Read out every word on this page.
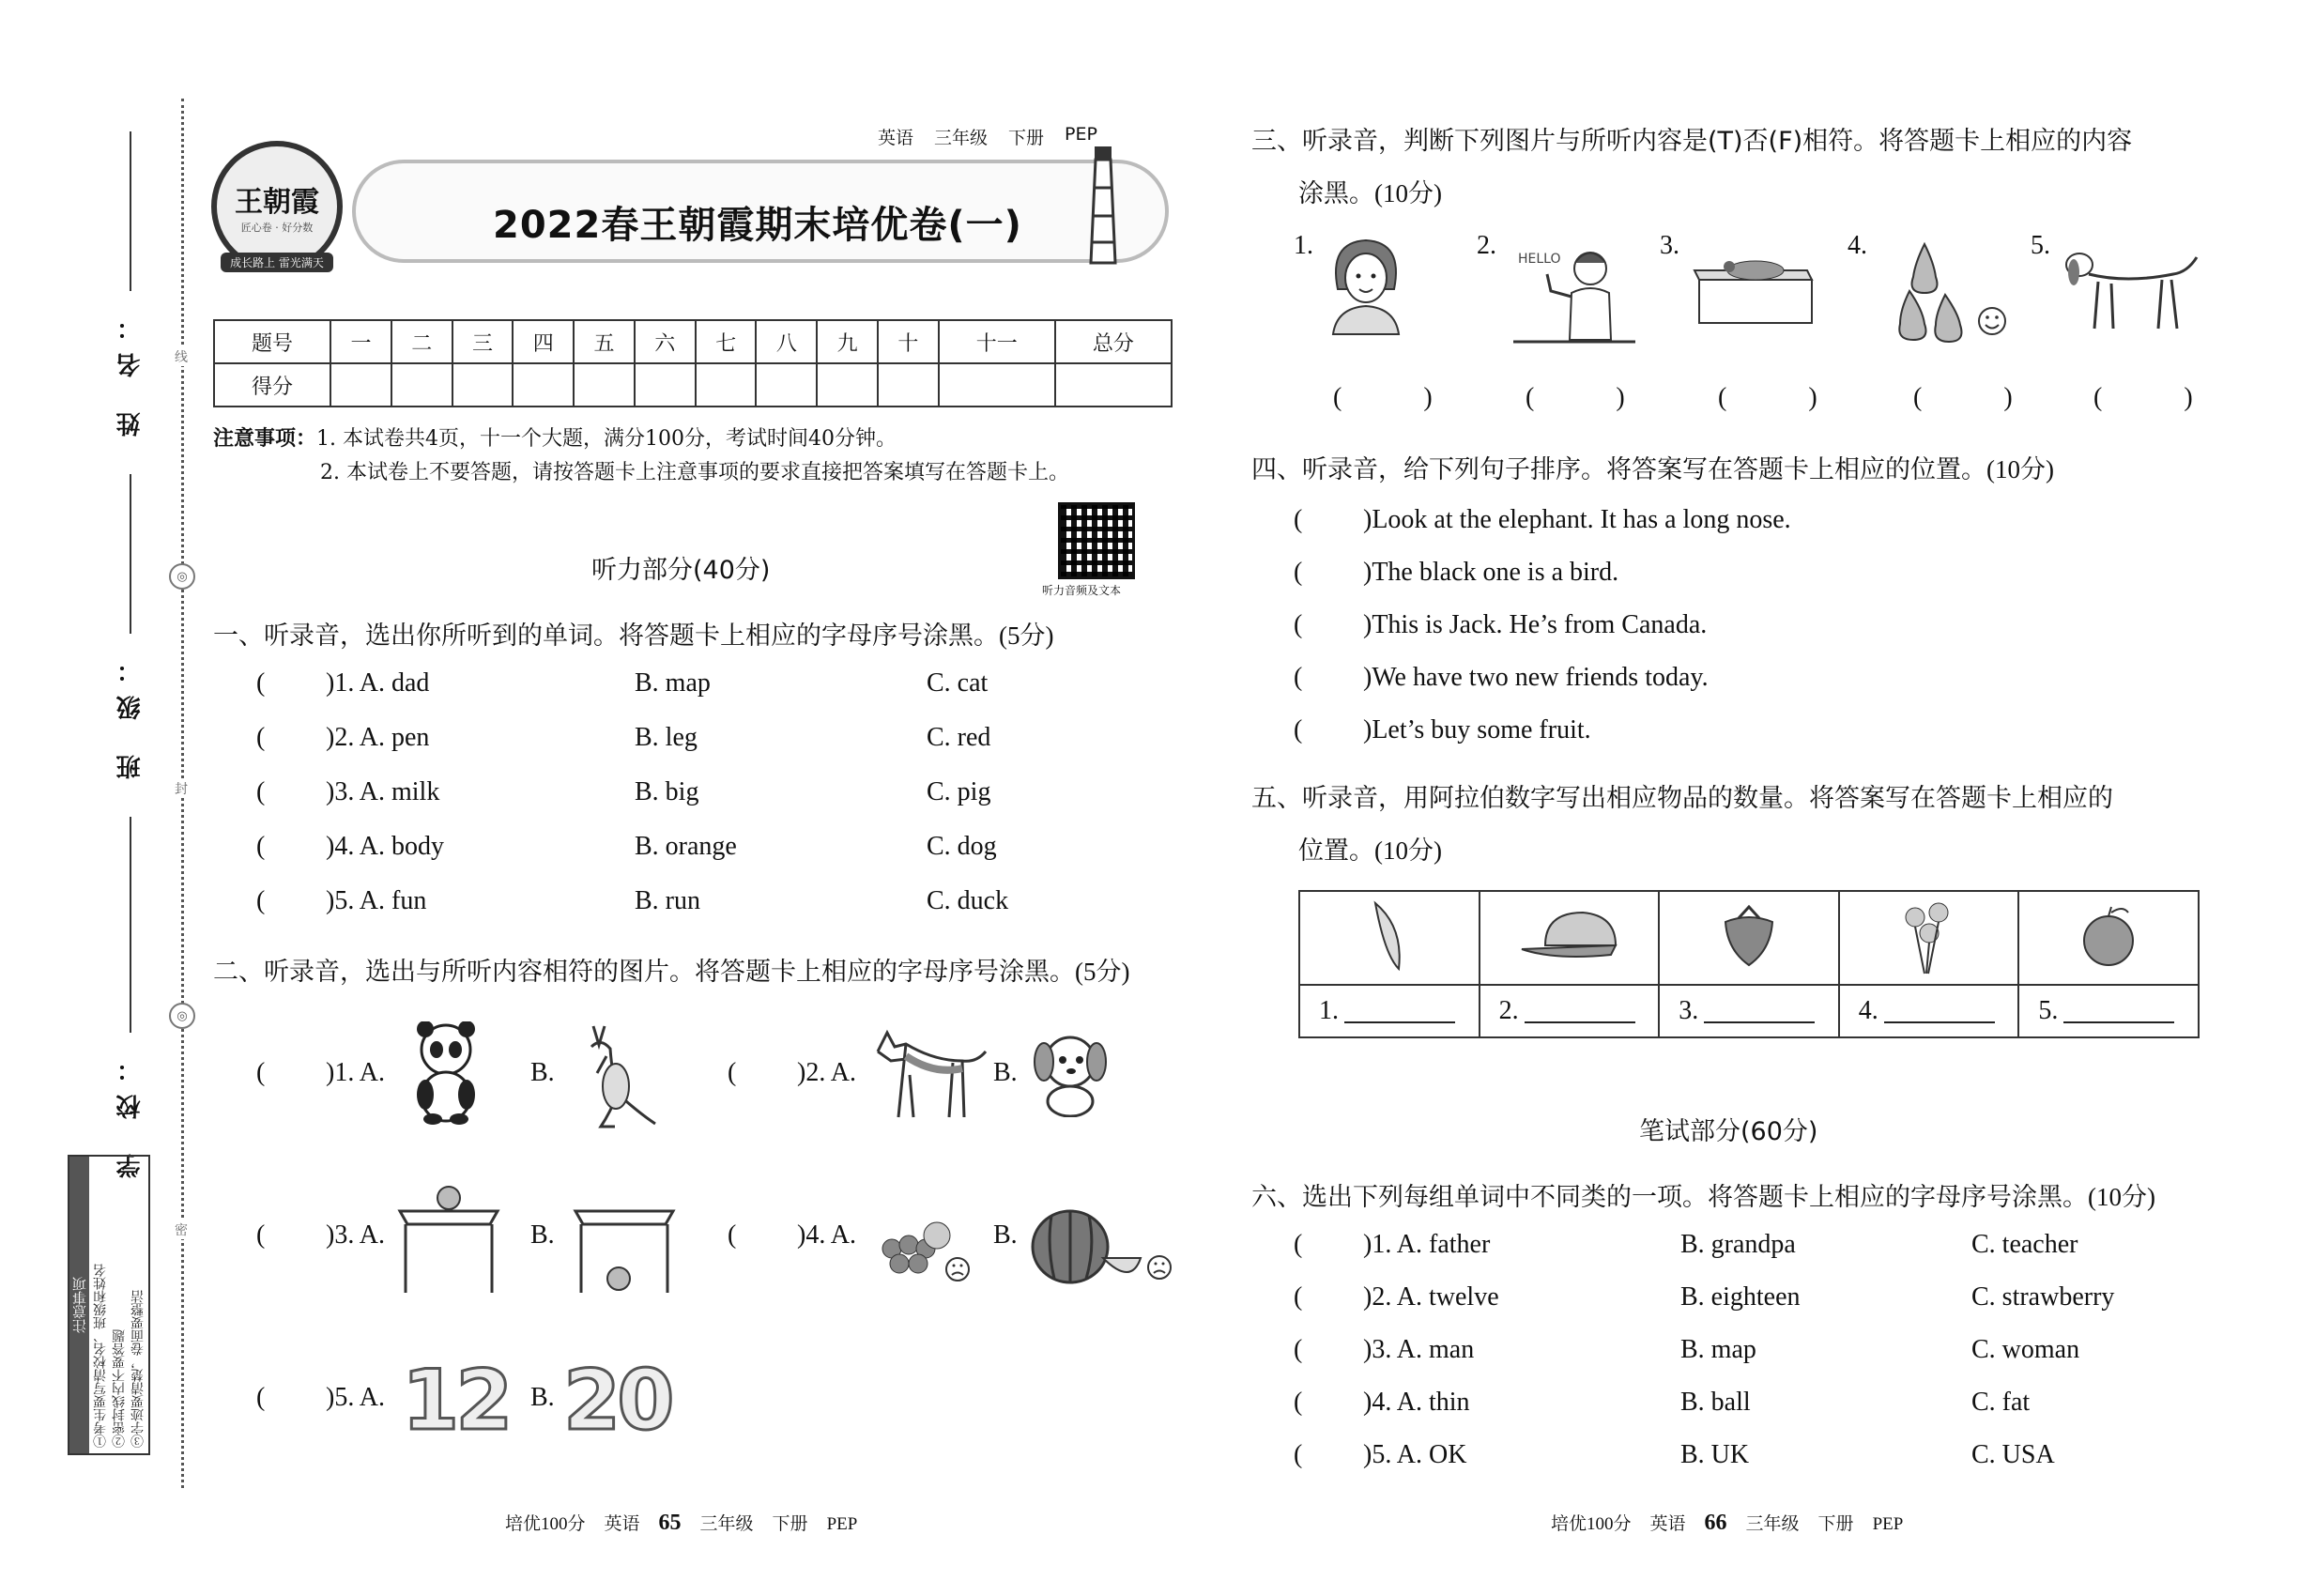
线
◎
封
◎
密
姓 名：
班 级：
学 校：
注意事项 ①考生要写清校名、班级和姓名 ②密封线内不要答题 ③字迹要清楚，卷面要整洁
王朝霞
匠心卷 · 好分数
成长路上 雷光满天
英语 三年级 下册 PEP
2022春王朝霞期末培优卷(一)
题号	一	二	三	四	五	六	七	八	九	十	十一	总分
得分												
注意事项：1. 本试卷共4页，十一个大题，满分100分，考试时间40分钟。
2. 本试卷上不要答题，请按答题卡上注意事项的要求直接把答案填写在答题卡上。
听力音频及文本
听力部分(40分)
一、听录音，选出你所听到的单词。将答题卡上相应的字母序号涂黑。(5分)
( )1. A. dad	B. map	C. cat
( )2. A. pen	B. leg	C. red
( )3. A. milk	B. big	C. pig
( )4. A. body	B. orange	C. dog
( )5. A. fun	B. run	C. duck
二、听录音，选出与所听内容相符的图片。将答题卡上相应的字母序号涂黑。(5分)
( )1. A.	B.	( )2. A.	B.
( )3. A.	B.	( )4. A.	B.
( )5. A. 12 B. 20
培优100分 英语 65 三年级 下册 PEP
三、听录音，判断下列图片与所听内容是(T)否(F)相符。将答题卡上相应的内容
涂黑。(10分)
1.
( )
2. HELLO
( )
3.
( )
4.
( )
5.
( )
四、听录音，给下列句子排序。将答案写在答题卡上相应的位置。(10分)
( )Look at the elephant. It has a long nose.
( )The black one is a bird.
( )This is Jack. He’s from Canada.
( )We have two new friends today.
( )Let’s buy some fruit.
五、听录音，用阿拉伯数字写出相应物品的数量。将答案写在答题卡上相应的
位置。(10分)

1.	2.	3.	4.	5.
笔试部分(60分)
六、选出下列每组单词中不同类的一项。将答题卡上相应的字母序号涂黑。(10分)
( )1. A. father	B. grandpa	C. teacher
( )2. A. twelve	B. eighteen	C. strawberry
( )3. A. man	B. map	C. woman
( )4. A. thin	B. ball	C. fat
( )5. A. OK	B. UK	C. USA
培优100分 英语 66 三年级 下册 PEP
